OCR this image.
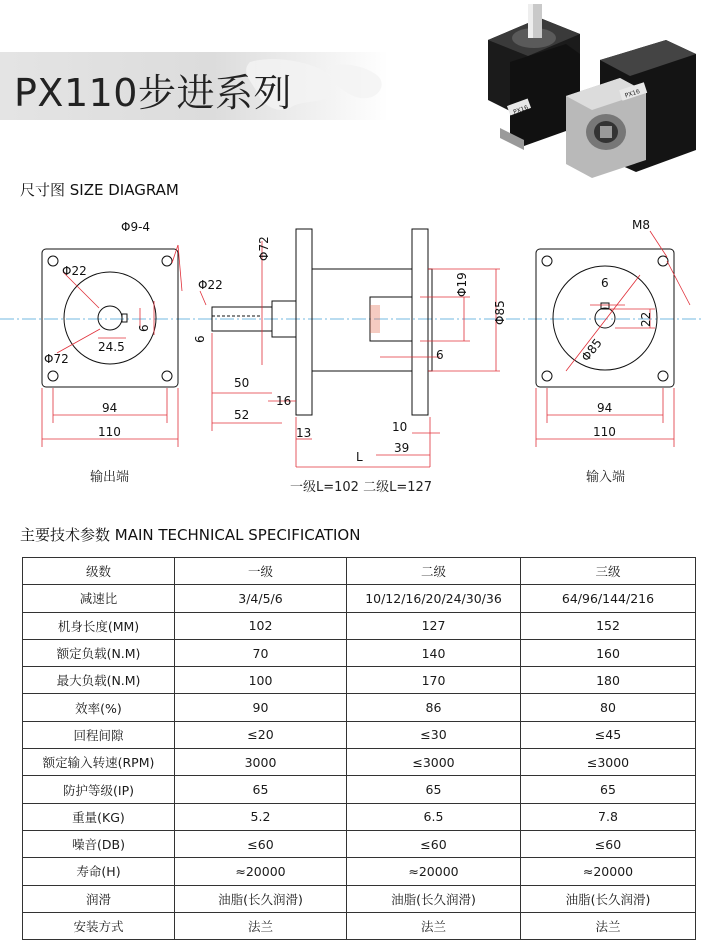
PX110步进系列	PX16
PX16
尺寸图 SIZE DIAGRAM
Φ9-4
Φ22
Φ72
24.5
6
94
110
Φ72
Φ22
6
50
52
16
13
Φ19
Φ85
6
10
39
L
M8
6
22
Φ85
94
110
输出端	输入端
一级L=102 二级L=127
主要技术参数 MAIN TECHNICAL SPECIFICATION
级数	一级	二级	三级
减速比	3/4/5/6	10/12/16/20/24/30/36	64/96/144/216
机身长度(MM)	102	127	152
额定负载(N.M)	70	140	160
最大负载(N.M)	100	170	180
效率(%)	90	86	80
回程间隙	≤20	≤30	≤45
额定输入转速(RPM)	3000	≤3000	≤3000
防护等级(IP)	65	65	65
重量(KG)	5.2	6.5	7.8
噪音(DB)	≤60	≤60	≤60
寿命(H)	≈20000	≈20000	≈20000
润滑	油脂(长久润滑)	油脂(长久润滑)	油脂(长久润滑)
安装方式	法兰	法兰	法兰
